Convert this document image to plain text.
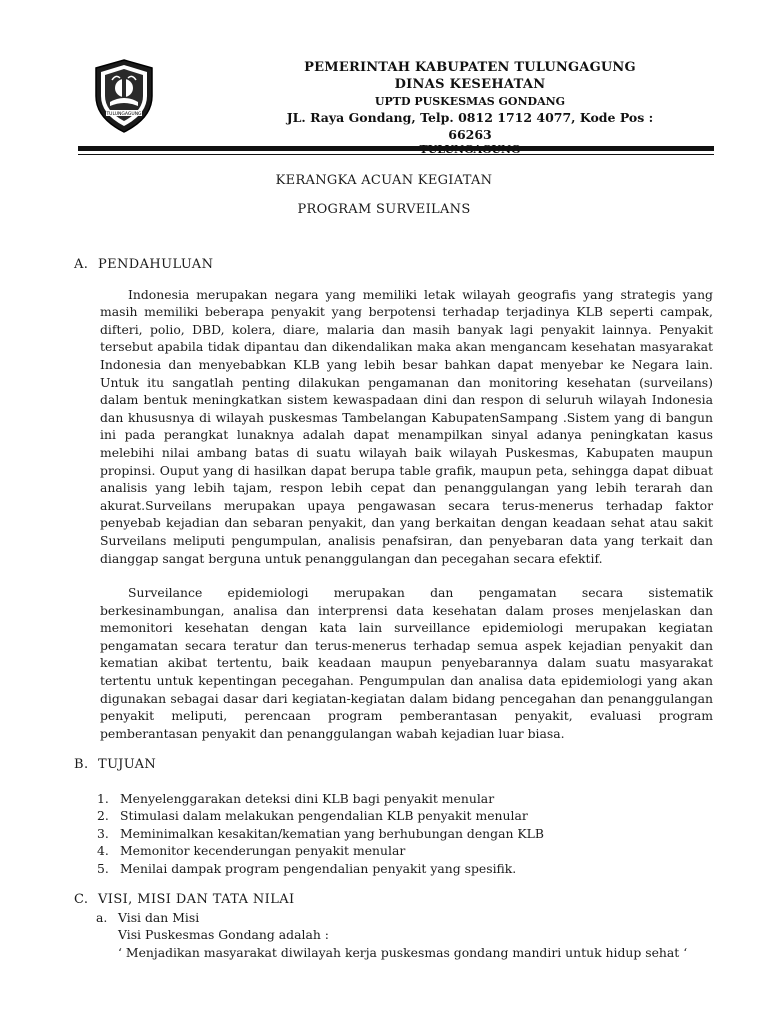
TULUNGAGUNG
PEMERINTAH KABUPATEN TULUNGAGUNG
DINAS KESEHATAN
UPTD PUSKESMAS GONDANG
JL. Raya Gondang, Telp. 0812 1712 4077, Kode Pos : 66263
KERANGKA ACUAN KEGIATAN
PROGRAM SURVEILANS
A. PENDAHULUAN

Indonesia merupakan negara yang memiliki letak wilayah geografis yang strategis yang masih memiliki beberapa penyakit yang berpotensi terhadap terjadinya KLB seperti campak, difteri, polio, DBD, kolera, diare, malaria dan masih banyak lagi penyakit lainnya. Penyakit tersebut apabila tidak dipantau dan dikendalikan maka akan mengancam kesehatan masyarakat Indonesia dan menyebabkan KLB yang lebih besar bahkan dapat menyebar ke Negara lain. Untuk itu sangatlah penting dilakukan pengamanan dan monitoring kesehatan (surveilans) dalam bentuk meningkatkan sistem kewaspadaan dini dan respon di seluruh wilayah Indonesia dan khususnya di wilayah puskesmas Tambelangan KabupatenSampang .Sistem yang di bangun ini pada perangkat lunaknya adalah dapat menampilkan sinyal adanya peningkatan kasus melebihi nilai ambang batas di suatu wilayah baik wilayah Puskesmas, Kabupaten maupun propinsi. Ouput yang di hasilkan dapat berupa table grafik, maupun peta, sehingga dapat dibuat analisis yang lebih tajam, respon lebih cepat dan penanggulangan yang lebih terarah dan akurat.Surveilans merupakan upaya pengawasan secara terus-menerus terhadap faktor penyebab kejadian dan sebaran penyakit, dan yang berkaitan dengan keadaan sehat atau sakit Surveilans meliputi pengumpulan, analisis penafsiran, dan penyebaran data yang terkait dan dianggap sangat berguna untuk penanggulangan dan pecegahan secara efektif.

Surveilance epidemiologi merupakan dan pengamatan secara sistematik berkesinambungan, analisa dan interprensi data kesehatan dalam proses menjelaskan dan memonitori kesehatan dengan kata lain surveillance epidemiologi merupakan kegiatan pengamatan secara teratur dan terus-menerus terhadap semua aspek kejadian penyakit dan kematian akibat tertentu, baik keadaan maupun penyebarannya dalam suatu masyarakat tertentu untuk kepentingan pecegahan. Pengumpulan dan analisa data epidemiologi yang akan digunakan sebagai dasar dari kegiatan-kegiatan dalam bidang pencegahan dan penanggulangan penyakit meliputi, perencaan program pemberantasan penyakit, evaluasi program pemberantasan penyakit dan penanggulangan wabah kejadian luar biasa.

B. TUJUAN
1. Menyelenggarakan deteksi dini KLB bagi penyakit menular
2. Stimulasi dalam melakukan pengendalian KLB penyakit menular
3. Meminimalkan kesakitan/kematian yang berhubungan dengan KLB
4. Memonitor kecenderungan penyakit menular
5. Menilai dampak program pengendalian penyakit yang spesifik.
C. VISI, MISI DAN TATA NILAI
a. Visi dan Misi
Visi Puskesmas Gondang adalah :
‘ Menjadikan masyarakat diwilayah kerja puskesmas gondang mandiri untuk hidup sehat ‘
